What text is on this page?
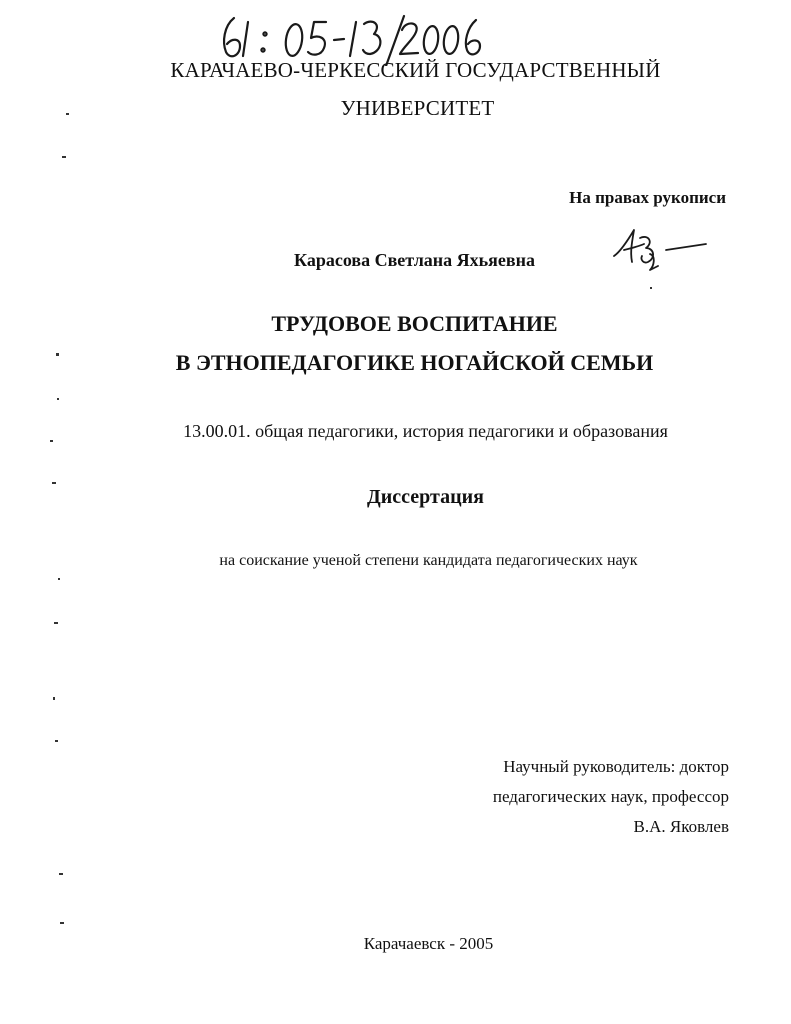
КАРАЧАЕВО-ЧЕРКЕССКИЙ ГОСУДАРСТВЕННЫЙ
УНИВЕРСИТЕТ
На правах рукописи
Карасова Светлана Яхьяевна
ТРУДОВОЕ ВОСПИТАНИЕ
В ЭТНОПЕДАГОГИКЕ НОГАЙСКОЙ СЕМЬИ
13.00.01. общая педагогики, история педагогики и образования
Диссертация
на соискание ученой степени кандидата педагогических наук
Научный руководитель: доктор
педагогических наук, профессор
В.А. Яковлев
Карачаевск - 2005
